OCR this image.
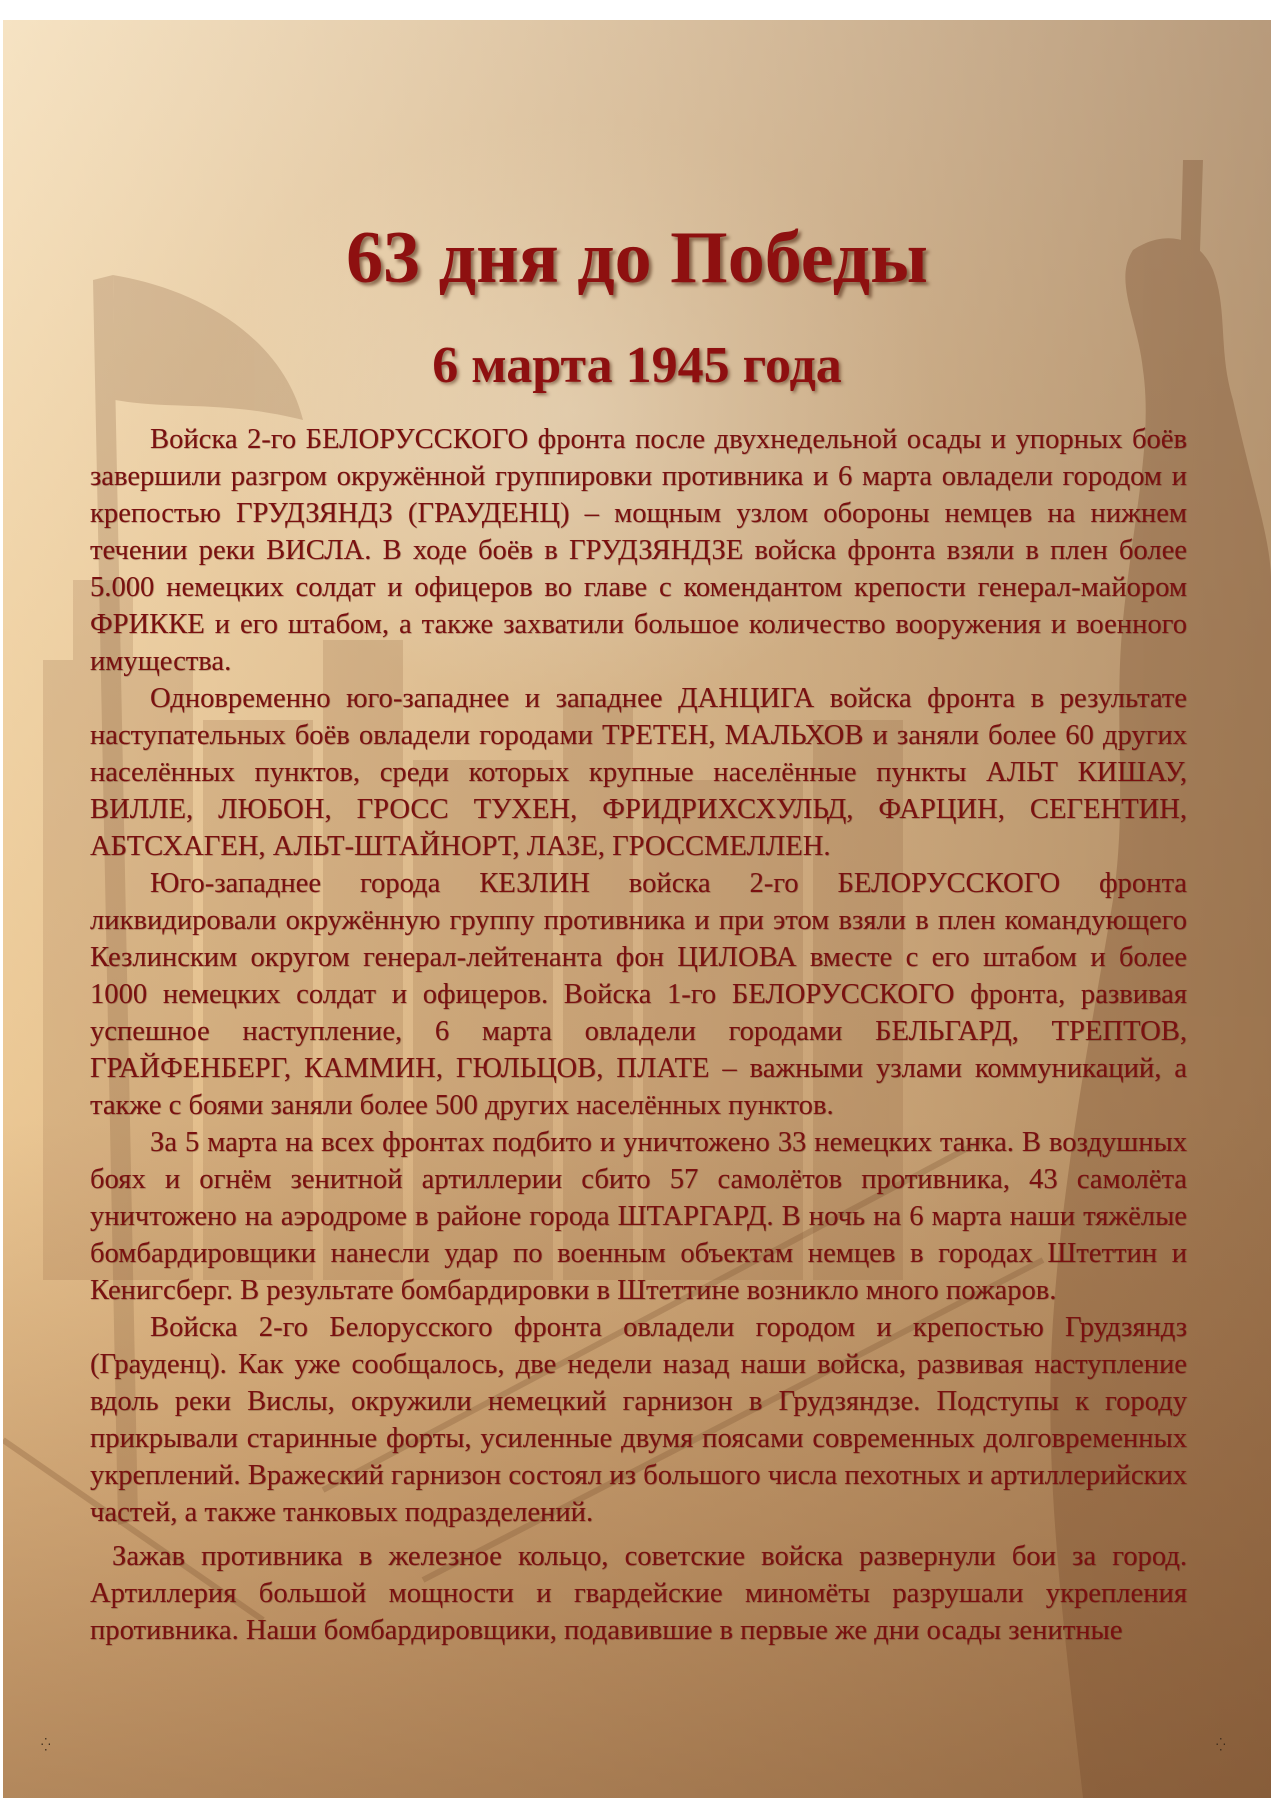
63 дня до Победы
6 марта 1945 года

Войска 2-го БЕЛОРУССКОГО фронта после двухнедельной осады и упорных боёв завершили разгром окружённой группировки противника и 6 марта овладели городом и крепостью ГРУДЗЯНДЗ (ГРАУДЕНЦ) – мощным узлом обороны немцев на нижнем течении реки ВИСЛА. В ходе боёв в ГРУДЗЯНДЗЕ войска фронта взяли в плен более 5.000 немецких солдат и офицеров во главе с комендантом крепости генерал-майором ФРИККЕ и его штабом, а также захватили большое количество вооружения и военного имущества.

Одновременно юго-западнее и западнее ДАНЦИГА войска фронта в результате наступательных боёв овладели городами ТРЕТЕН, МАЛЬХОВ и заняли более 60 других населённых пунктов, среди которых крупные населённые пункты АЛЬТ КИШАУ, ВИЛЛЕ, ЛЮБОН, ГРОСС ТУХЕН, ФРИДРИХСХУЛЬД, ФАРЦИН, СЕГЕНТИН, АБТСХАГЕН, АЛЬТ-ШТАЙНОРТ, ЛАЗЕ, ГРОССМЕЛЛЕН.

Юго-западнее города КЕЗЛИН войска 2-го БЕЛОРУССКОГО фронта ликвидировали окружённую группу противника и при этом взяли в плен командующего Кезлинским округом генерал-лейтенанта фон ЦИЛОВА вместе с его штабом и более 1000 немецких солдат и офицеров. Войска 1-го БЕЛОРУССКОГО фронта, развивая успешное наступление, 6 марта овладели городами БЕЛЬГАРД, ТРЕПТОВ, ГРАЙФЕНБЕРГ, КАММИН, ГЮЛЬЦОВ, ПЛАТЕ – важными узлами коммуникаций, а также с боями заняли более 500 других населённых пунктов.

За 5 марта на всех фронтах подбито и уничтожено 33 немецких танка. В воздушных боях и огнём зенитной артиллерии сбито 57 самолётов противника, 43 самолёта уничтожено на аэродроме в районе города ШТАРГАРД. В ночь на 6 марта наши тяжёлые бомбардировщики нанесли удар по военным объектам немцев в городах Штеттин и Кенигсберг. В результате бомбардировки в Штеттине возникло много пожаров.

Войска 2-го Белорусского фронта овладели городом и крепостью Грудзяндз (Грауденц). Как уже сообщалось, две недели назад наши войска, развивая наступление вдоль реки Вислы, окружили немецкий гарнизон в Грудзяндзе. Подступы к городу прикрывали старинные форты, усиленные двумя поясами современных долговременных укреплений. Вражеский гарнизон состоял из большого числа пехотных и артиллерийских частей, а также танковых подразделений.

Зажав противника в железное кольцо, советские войска развернули бои за город. Артиллерия большой мощности и гвардейские миномёты разрушали укрепления противника. Наши бомбардировщики, подавившие в первые же дни осады зенитные

⁛	⁛
